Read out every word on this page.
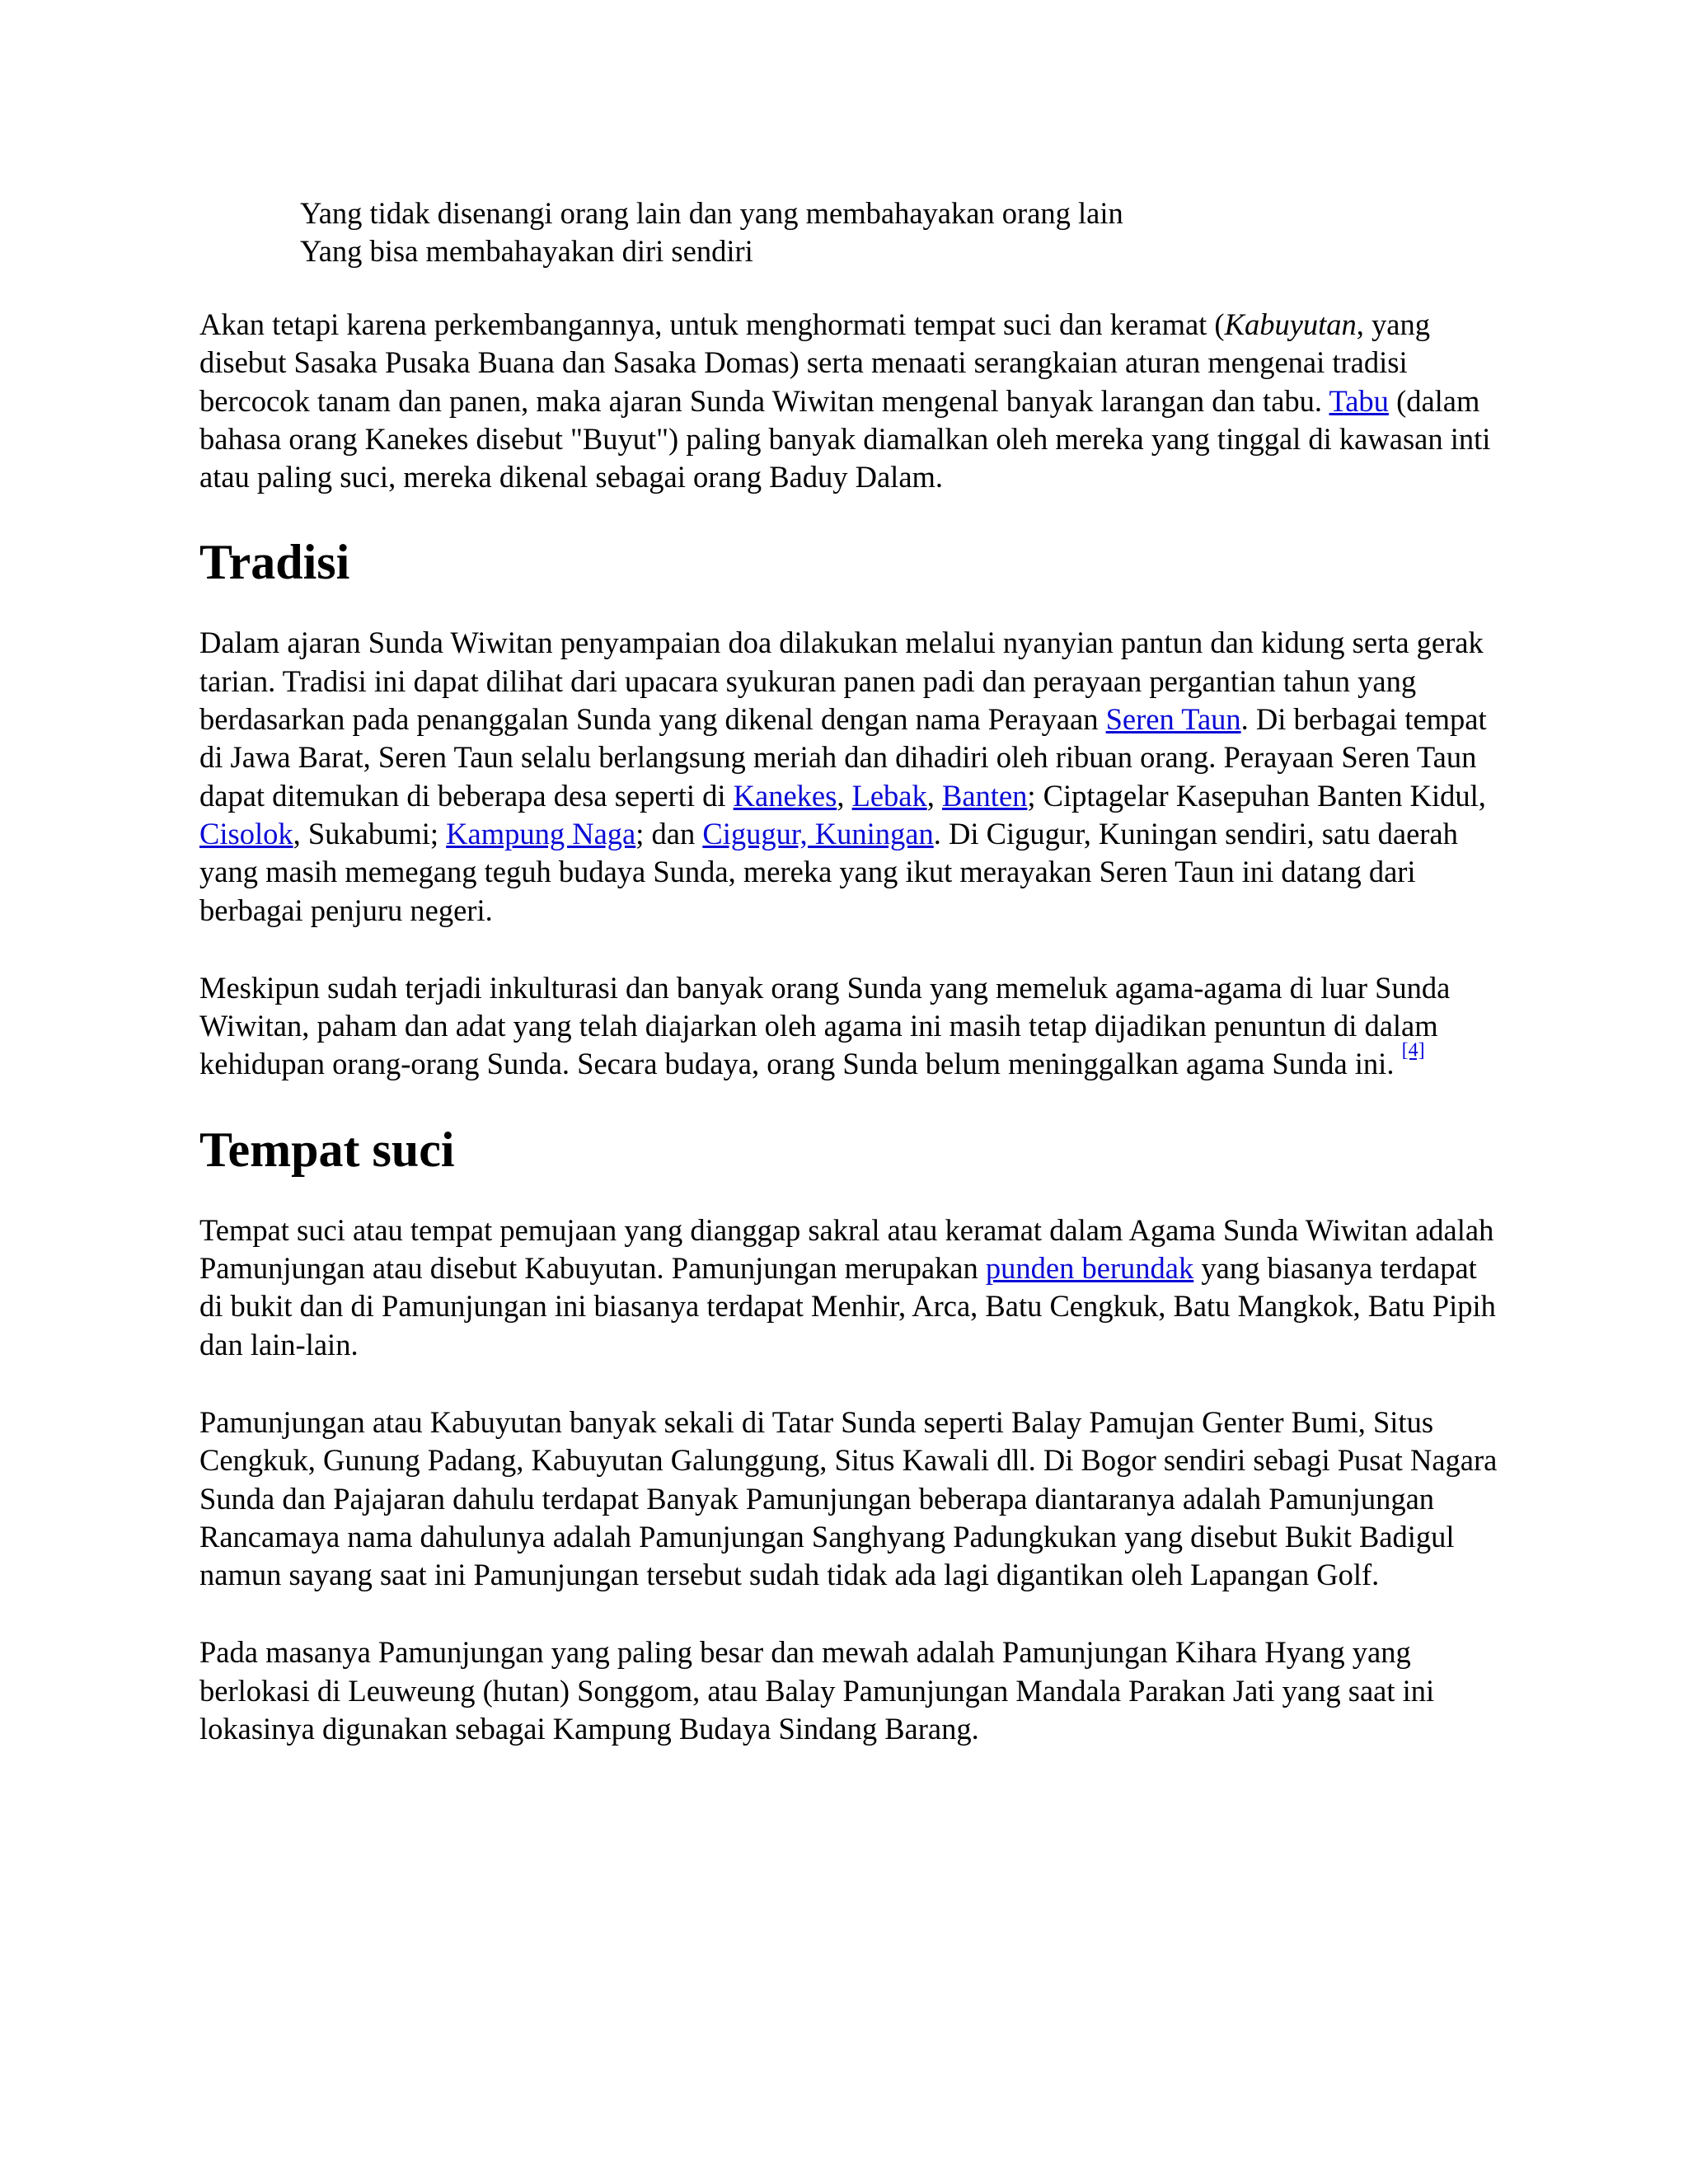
Yang tidak disenangi orang lain dan yang membahayakan orang lain
Yang bisa membahayakan diri sendiri

Akan tetapi karena perkembangannya, untuk menghormati tempat suci dan keramat (Kabuyutan, yang disebut Sasaka Pusaka Buana dan Sasaka Domas) serta menaati serangkaian aturan mengenai tradisi bercocok tanam dan panen, maka ajaran Sunda Wiwitan mengenal banyak larangan dan tabu. Tabu (dalam bahasa orang Kanekes disebut "Buyut") paling banyak diamalkan oleh mereka yang tinggal di kawasan inti atau paling suci, mereka dikenal sebagai orang Baduy Dalam.

Tradisi

Dalam ajaran Sunda Wiwitan penyampaian doa dilakukan melalui nyanyian pantun dan kidung serta gerak tarian. Tradisi ini dapat dilihat dari upacara syukuran panen padi dan perayaan pergantian tahun yang berdasarkan pada penanggalan Sunda yang dikenal dengan nama Perayaan Seren Taun. Di berbagai tempat di Jawa Barat, Seren Taun selalu berlangsung meriah dan dihadiri oleh ribuan orang. Perayaan Seren Taun dapat ditemukan di beberapa desa seperti di Kanekes, Lebak, Banten; Ciptagelar Kasepuhan Banten Kidul, Cisolok, Sukabumi; Kampung Naga; dan Cigugur, Kuningan. Di Cigugur, Kuningan sendiri, satu daerah yang masih memegang teguh budaya Sunda, mereka yang ikut merayakan Seren Taun ini datang dari berbagai penjuru negeri.

Meskipun sudah terjadi inkulturasi dan banyak orang Sunda yang memeluk agama-agama di luar Sunda Wiwitan, paham dan adat yang telah diajarkan oleh agama ini masih tetap dijadikan penuntun di dalam kehidupan orang-orang Sunda. Secara budaya, orang Sunda belum meninggalkan agama Sunda ini. [4]

Tempat suci

Tempat suci atau tempat pemujaan yang dianggap sakral atau keramat dalam Agama Sunda Wiwitan adalah Pamunjungan atau disebut Kabuyutan. Pamunjungan merupakan punden berundak yang biasanya terdapat di bukit dan di Pamunjungan ini biasanya terdapat Menhir, Arca, Batu Cengkuk, Batu Mangkok, Batu Pipih dan lain-lain.

Pamunjungan atau Kabuyutan banyak sekali di Tatar Sunda seperti Balay Pamujan Genter Bumi, Situs Cengkuk, Gunung Padang, Kabuyutan Galunggung, Situs Kawali dll. Di Bogor sendiri sebagi Pusat Nagara Sunda dan Pajajaran dahulu terdapat Banyak Pamunjungan beberapa diantaranya adalah Pamunjungan Rancamaya nama dahulunya adalah Pamunjungan Sanghyang Padungkukan yang disebut Bukit Badigul namun sayang saat ini Pamunjungan tersebut sudah tidak ada lagi digantikan oleh Lapangan Golf.

Pada masanya Pamunjungan yang paling besar dan mewah adalah Pamunjungan Kihara Hyang yang berlokasi di Leuweung (hutan) Songgom, atau Balay Pamunjungan Mandala Parakan Jati yang saat ini lokasinya digunakan sebagai Kampung Budaya Sindang Barang.
